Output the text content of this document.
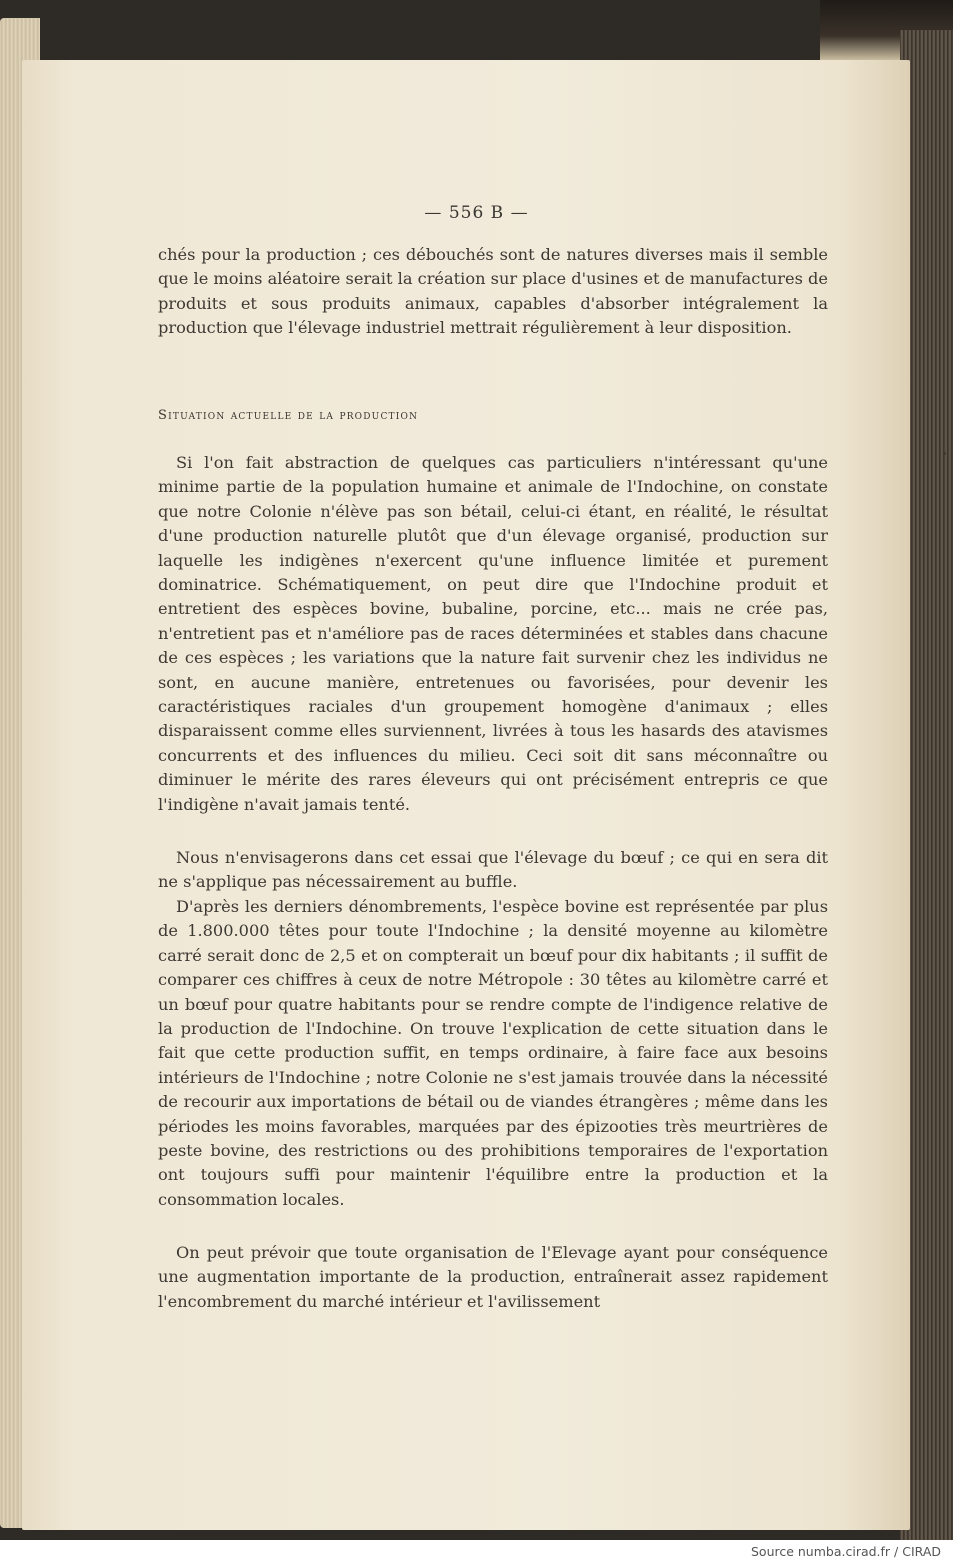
— 556 B —

chés pour la production ; ces débouchés sont de natures diverses mais il semble que le moins aléatoire serait la création sur place d'usines et de manufactures de produits et sous produits animaux, capables d'absorber intégralement la production que l'élevage industriel mettrait régulièrement à leur disposition.

Situation actuelle de la production

Si l'on fait abstraction de quelques cas particuliers n'intéressant qu'une minime partie de la population humaine et animale de l'Indochine, on constate que notre Colonie n'élève pas son bétail, celui-ci étant, en réalité, le résultat d'une production naturelle plutôt que d'un élevage organisé, production sur laquelle les indigènes n'exercent qu'une influence limitée et purement dominatrice. Schématiquement, on peut dire que l'Indochine produit et entretient des espèces bovine, bubaline, porcine, etc... mais ne crée pas, n'entretient pas et n'améliore pas de races déterminées et stables dans chacune de ces espèces ; les variations que la nature fait survenir chez les individus ne sont, en aucune manière, entretenues ou favorisées, pour devenir les caractéristiques raciales d'un groupement homogène d'animaux ; elles disparaissent comme elles surviennent, livrées à tous les hasards des atavismes concurrents et des influences du milieu. Ceci soit dit sans méconnaître ou diminuer le mérite des rares éleveurs qui ont précisément entrepris ce que l'indigène n'avait jamais tenté.

Nous n'envisagerons dans cet essai que l'élevage du bœuf ; ce qui en sera dit ne s'applique pas nécessairement au buffle.

D'après les derniers dénombrements, l'espèce bovine est représentée par plus de 1.800.000 têtes pour toute l'Indochine ; la densité moyenne au kilomètre carré serait donc de 2,5 et on compterait un bœuf pour dix habitants ; il suffit de comparer ces chiffres à ceux de notre Métropole : 30 têtes au kilomètre carré et un bœuf pour quatre habitants pour se rendre compte de l'indigence relative de la production de l'Indochine. On trouve l'explication de cette situation dans le fait que cette production suffit, en temps ordinaire, à faire face aux besoins intérieurs de l'Indochine ; notre Colonie ne s'est jamais trouvée dans la nécessité de recourir aux importations de bétail ou de viandes étrangères ; même dans les périodes les moins favorables, marquées par des épizooties très meurtrières de peste bovine, des restrictions ou des prohibitions temporaires de l'exportation ont toujours suffi pour maintenir l'équilibre entre la production et la consommation locales.

On peut prévoir que toute organisation de l'Elevage ayant pour conséquence une augmentation importante de la production, entraînerait assez rapidement l'encombrement du marché intérieur et l'avilissement

Source numba.cirad.fr / CIRAD
